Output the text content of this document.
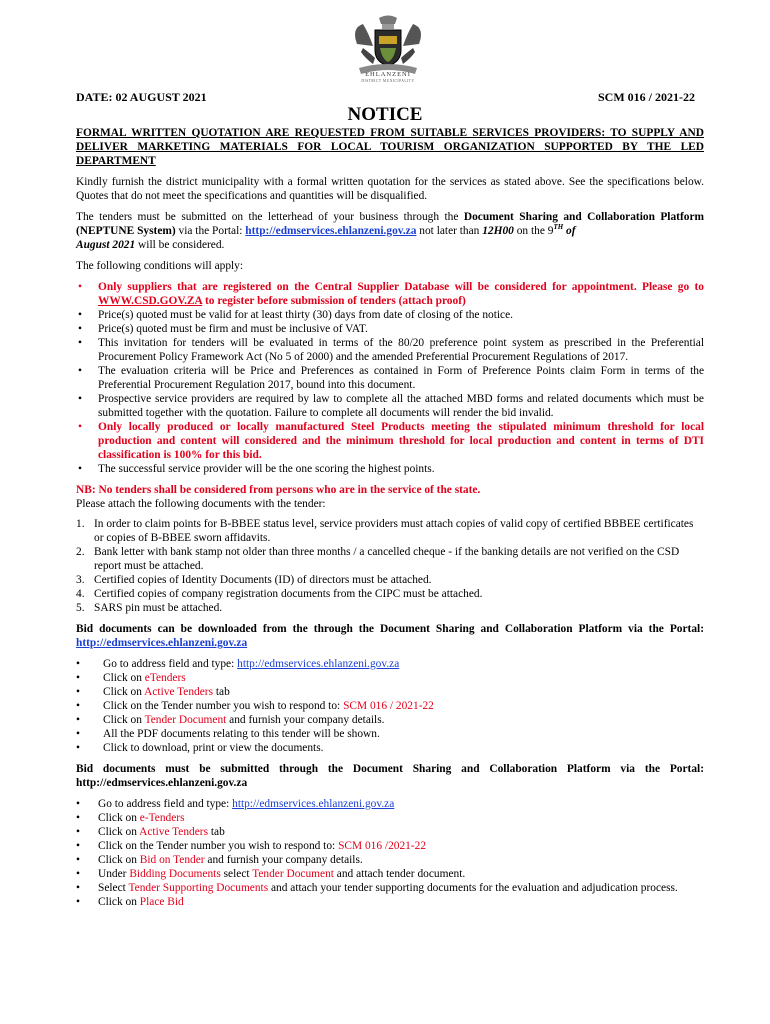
EHLANZENI
DISTRICT MUNICIPALITY
DATE: 02 AUGUST 2021	SCM 016 / 2021-22
NOTICE

FORMAL WRITTEN QUOTATION ARE REQUESTED FROM SUITABLE SERVICES PROVIDERS: TO SUPPLY AND DELIVER MARKETING MATERIALS FOR LOCAL TOURISM ORGANIZATION SUPPORTED BY THE LED DEPARTMENT

Kindly furnish the district municipality with a formal written quotation for the services as stated above. See the specifications below. Quotes that do not meet the specifications and quantities will be disqualified.

The tenders must be submitted on the letterhead of your business through the Document Sharing and Collaboration Platform (NEPTUNE System) via the Portal: http://edmservices.ehlanzeni.gov.za not later than 12H00 on the 9TH of
August 2021 will be considered.

The following conditions will apply:

• Only suppliers that are registered on the Central Supplier Database will be considered for appointment. Please go to WWW.CSD.GOV.ZA to register before submission of tenders (attach proof)
• Price(s) quoted must be valid for at least thirty (30) days from date of closing of the notice.
• Price(s) quoted must be firm and must be inclusive of VAT.
• This invitation for tenders will be evaluated in terms of the 80/20 preference point system as prescribed in the Preferential Procurement Policy Framework Act (No 5 of 2000) and the amended Preferential Procurement Regulations of 2017.
• The evaluation criteria will be Price and Preferences as contained in Form of Preference Points claim Form in terms of the Preferential Procurement Regulation 2017, bound into this document.
• Prospective service providers are required by law to complete all the attached MBD forms and related documents which must be submitted together with the quotation. Failure to complete all documents will render the bid invalid.
• Only locally produced or locally manufactured Steel Products meeting the stipulated minimum threshold for local production and content will considered and the minimum threshold for local production and content in terms of DTI classification is 100% for this bid.
• The successful service provider will be the one scoring the highest points.

NB: No tenders shall be considered from persons who are in the service of the state.

Please attach the following documents with the tender:

1. In order to claim points for B-BBEE status level, service providers must attach copies of valid copy of certified BBBEE certificates or copies of B-BBEE sworn affidavits.
2. Bank letter with bank stamp not older than three months / a cancelled cheque - if the banking details are not verified on the CSD report must be attached.
3. Certified copies of Identity Documents (ID) of directors must be attached.
4. Certified copies of company registration documents from the CIPC must be attached.
5. SARS pin must be attached.

Bid documents can be downloaded from the through the Document Sharing and Collaboration Platform via the Portal: http://edmservices.ehlanzeni.gov.za

• Go to address field and type: http://edmservices.ehlanzeni.gov.za
• Click on eTenders
• Click on Active Tenders tab
• Click on the Tender number you wish to respond to: SCM 016 / 2021-22
• Click on Tender Document and furnish your company details.
• All the PDF documents relating to this tender will be shown.
• Click to download, print or view the documents.

Bid documents must be submitted through the Document Sharing and Collaboration Platform via the Portal: http://edmservices.ehlanzeni.gov.za

• Go to address field and type: http://edmservices.ehlanzeni.gov.za
• Click on e-Tenders
• Click on Active Tenders tab
• Click on the Tender number you wish to respond to: SCM 016 /2021-22
• Click on Bid on Tender and furnish your company details.
• Under Bidding Documents select Tender Document and attach tender document.
• Select Tender Supporting Documents and attach your tender supporting documents for the evaluation and adjudication process.
• Click on Place Bid
